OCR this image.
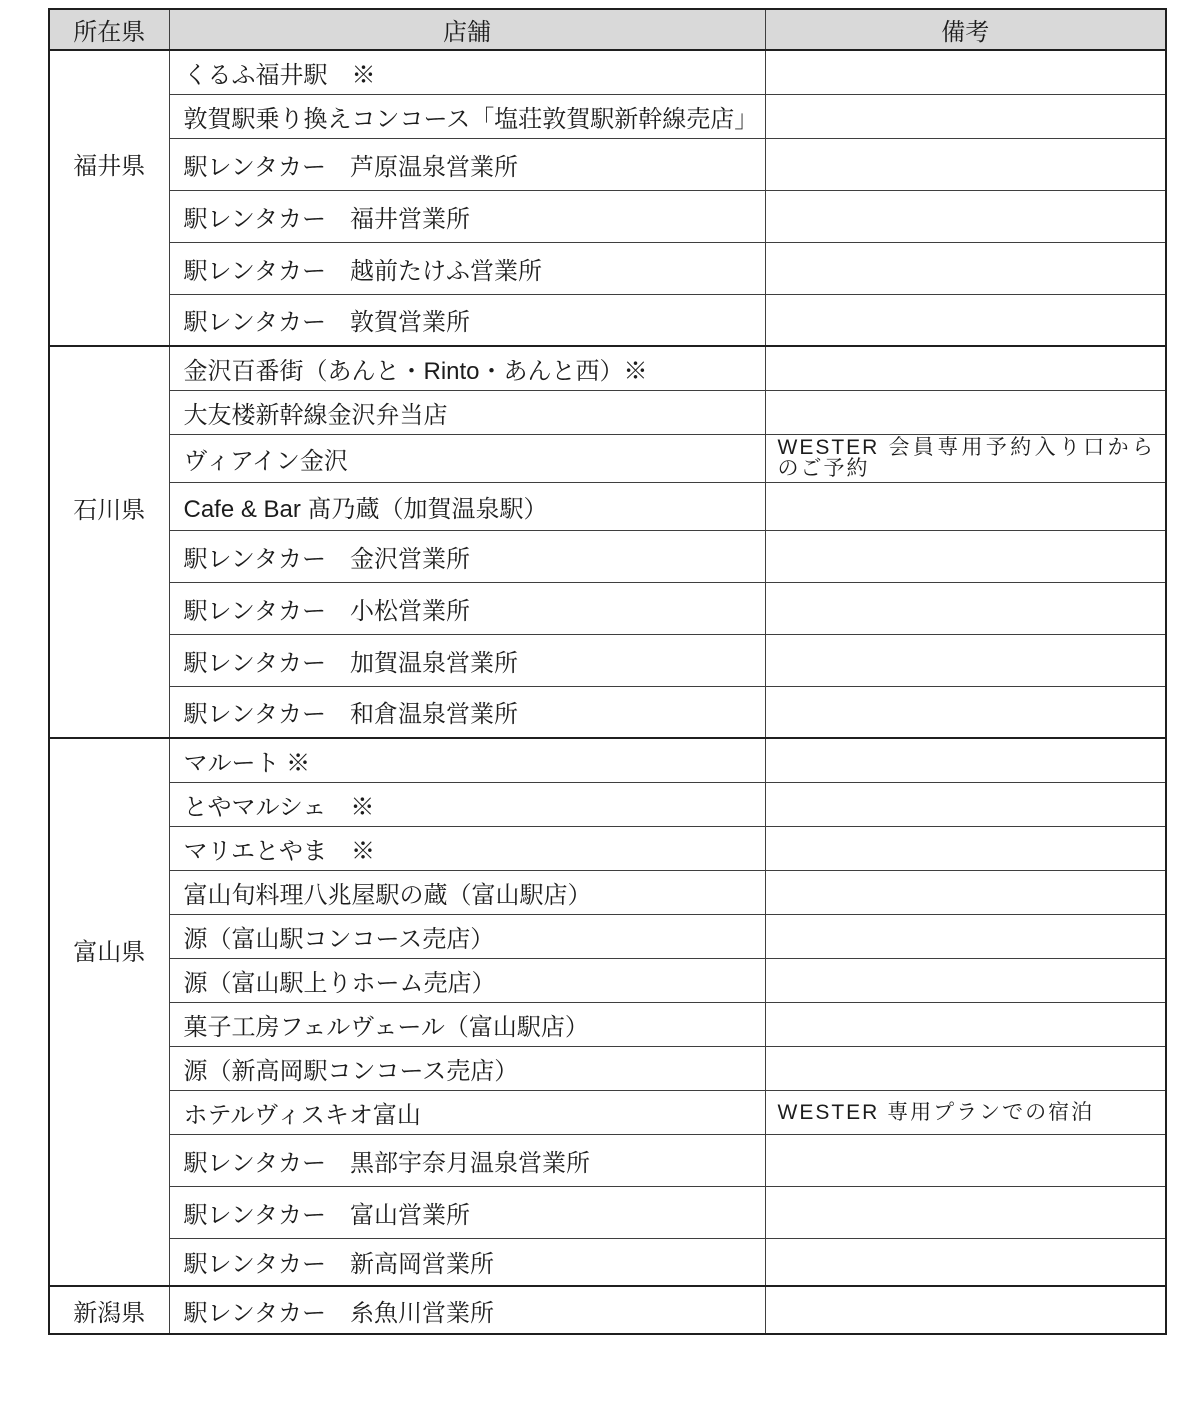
所在県	店舗	備考
福井県	くるふ福井駅　※	
	敦賀駅乗り換えコンコース「塩荘敦賀駅新幹線売店」	
	駅レンタカー　芦原温泉営業所	
	駅レンタカー　福井営業所	
	駅レンタカー　越前たけふ営業所	
	駅レンタカー　敦賀営業所	
石川県	金沢百番街（あんと・Rinto・あんと西）※	
	大友楼新幹線金沢弁当店	
	ヴィアイン金沢	WESTER 会員専用予約入り口からのご予約
	Cafe & Bar 髙乃蔵（加賀温泉駅）	
	駅レンタカー　金沢営業所	
	駅レンタカー　小松営業所	
	駅レンタカー　加賀温泉営業所	
	駅レンタカー　和倉温泉営業所	
富山県	マルート ※	
	とやマルシェ　※	
	マリエとやま　※	
	富山旬料理八兆屋駅の蔵（富山駅店）	
	源（富山駅コンコース売店）	
	源（富山駅上りホーム売店）	
	菓子工房フェルヴェール（富山駅店）	
	源（新高岡駅コンコース売店）	
	ホテルヴィスキオ富山	WESTER 専用プランでの宿泊
	駅レンタカー　黒部宇奈月温泉営業所	
	駅レンタカー　富山営業所	
	駅レンタカー　新高岡営業所	
新潟県	駅レンタカー　糸魚川営業所	
